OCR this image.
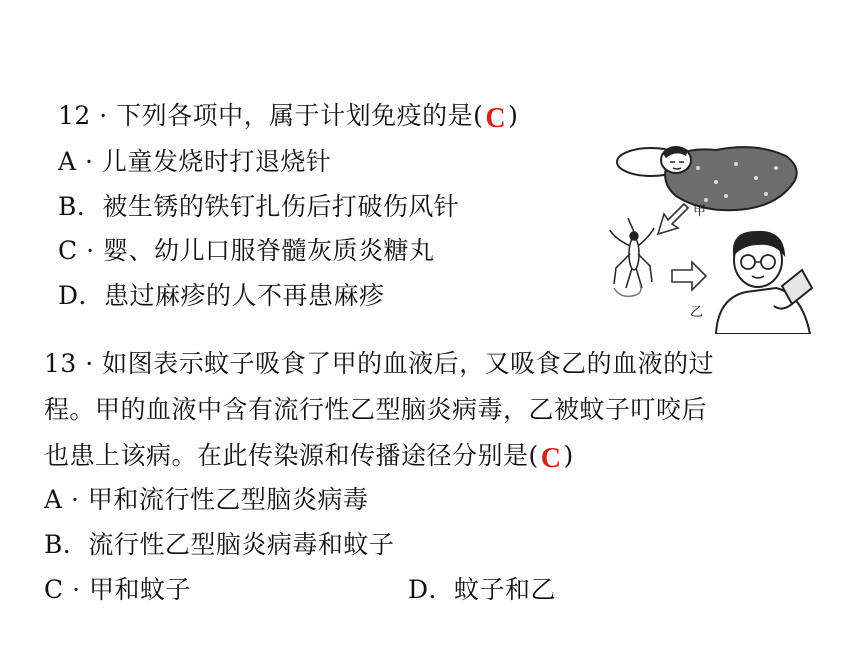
12 · 下列各项中，属于计划免疫的是(C)
A · 儿童发烧时打退烧针
B．被生锈的铁钉扎伤后打破伤风针
C · 婴、幼儿口服脊髓灰质炎糖丸
D．患过麻疹的人不再患麻疹
甲
乙
13 · 如图表示蚊子吸食了甲的血液后，又吸食乙的血液的过
程。甲的血液中含有流行性乙型脑炎病毒，乙被蚊子叮咬后
也患上该病。在此传染源和传播途径分别是(C)
A · 甲和流行性乙型脑炎病毒
B．流行性乙型脑炎病毒和蚊子
C · 甲和蚊子	D．蚊子和乙
